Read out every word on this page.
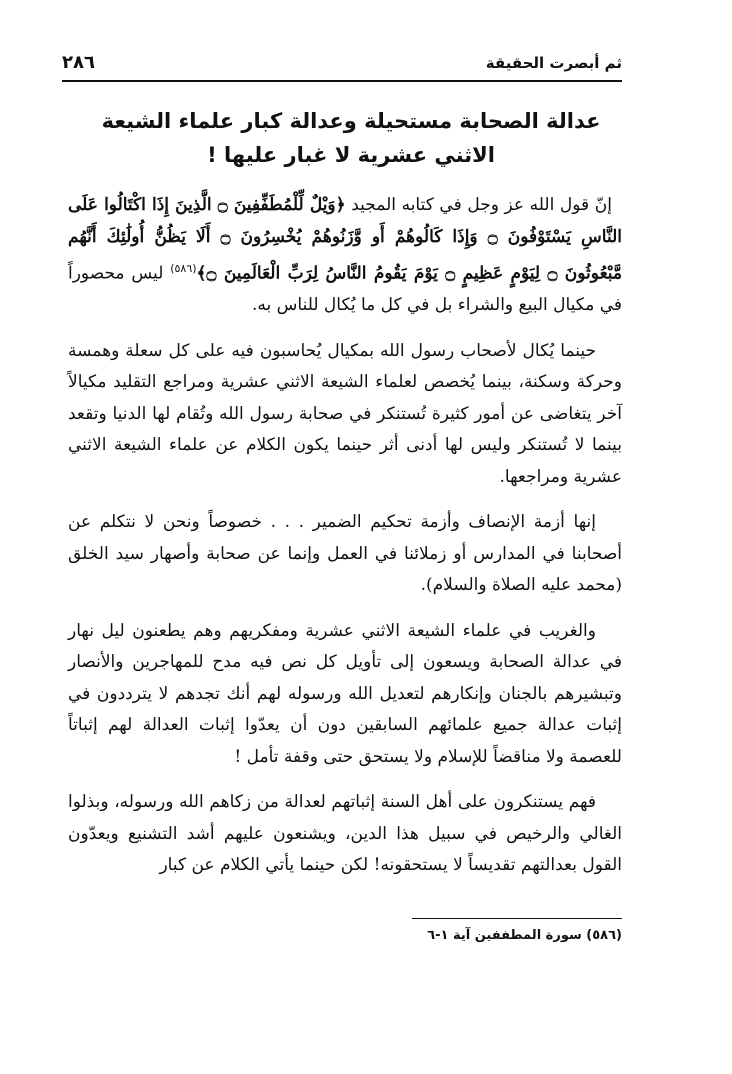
ثم أبصرت الحقيقة
٢٨٦
عدالة الصحابة مستحيلة وعدالة كبار علماء الشيعة
الاثني عشرية لا غبار عليها !

إنّ قول الله عز وجل في كتابه المجيد ﴿وَيْلٌ لِّلْمُطَفِّفِينَ ۝ الَّذِينَ إِذَا اكْتَالُوا عَلَى النَّاسِ يَسْتَوْفُونَ ۝ وَإِذَا كَالُوهُمْ أَو وَّزَنُوهُمْ يُخْسِرُونَ ۝ أَلَا يَظُنُّ أُولَٰئِكَ أَنَّهُم مَّبْعُوثُونَ ۝ لِيَوْمٍ عَظِيمٍ ۝ يَوْمَ يَقُومُ النَّاسُ لِرَبِّ الْعَالَمِينَ ۝﴾$^{(٥٨٦)}$ ليس محصوراً في مكيال البيع والشراء بل في كل ما يُكال للناس به.

حينما يُكال لأصحاب رسول الله بمكيال يُحاسبون فيه على كل سعلة وهمسة وحركة وسكنة، بينما يُخصص لعلماء الشيعة الاثني عشرية ومراجع التقليد مكيالاً آخر يتغاضى عن أمور كثيرة تُستنكر في صحابة رسول الله وتُقام لها الدنيا وتقعد بينما لا تُستنكر وليس لها أدنى أثر حينما يكون الكلام عن علماء الشيعة الاثني عشرية ومراجعها.

إنها أزمة الإنصاف وأزمة تحكيم الضمير . . . خصوصاً ونحن لا نتكلم عن أصحابنا في المدارس أو زملائنا في العمل وإنما عن صحابة وأصهار سيد الخلق (محمد عليه الصلاة والسلام).

والغريب في علماء الشيعة الاثني عشرية ومفكريهم وهم يطعنون ليل نهار في عدالة الصحابة ويسعون إلى تأويل كل نص فيه مدح للمهاجرين والأنصار وتبشيرهم بالجنان وإنكارهم لتعديل الله ورسوله لهم أنك تجدهم لا يترددون في إثبات عدالة جميع علمائهم السابقين دون أن يعدّوا إثبات العدالة لهم إثباتاً للعصمة ولا مناقضاً للإسلام ولا يستحق حتى وقفة تأمل !

فهم يستنكرون على أهل السنة إثباتهم لعدالة من زكاهم الله ورسوله، وبذلوا الغالي والرخيص في سبيل هذا الدين، ويشنعون عليهم أشد التشنيع ويعدّون القول بعدالتهم تقديساً لا يستحقونه! لكن حينما يأتي الكلام عن كبار

(٥٨٦) سورة المطففين آية ١-٦
